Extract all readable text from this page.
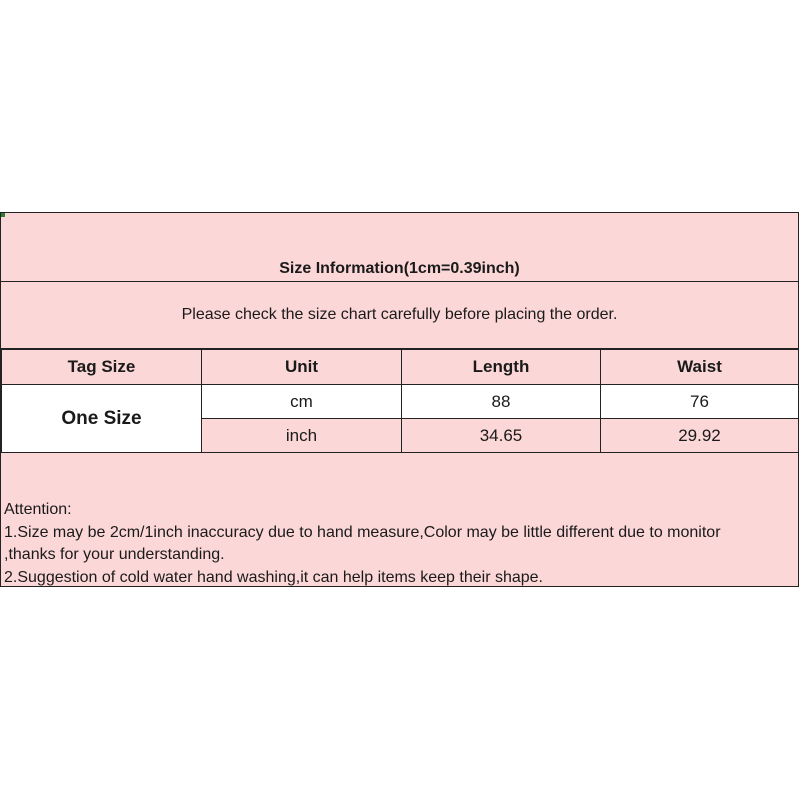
Size Information(1cm=0.39inch)
Please check the size chart carefully before placing the order.
Tag Size	Unit	Length	Waist
One Size	cm	88	76
	inch	34.65	29.92
Attention:
1.Size may be 2cm/1inch inaccuracy due to hand measure,Color may be little different due to monitor
,thanks for your understanding.
2.Suggestion of cold water hand washing,it can help items keep their shape.
